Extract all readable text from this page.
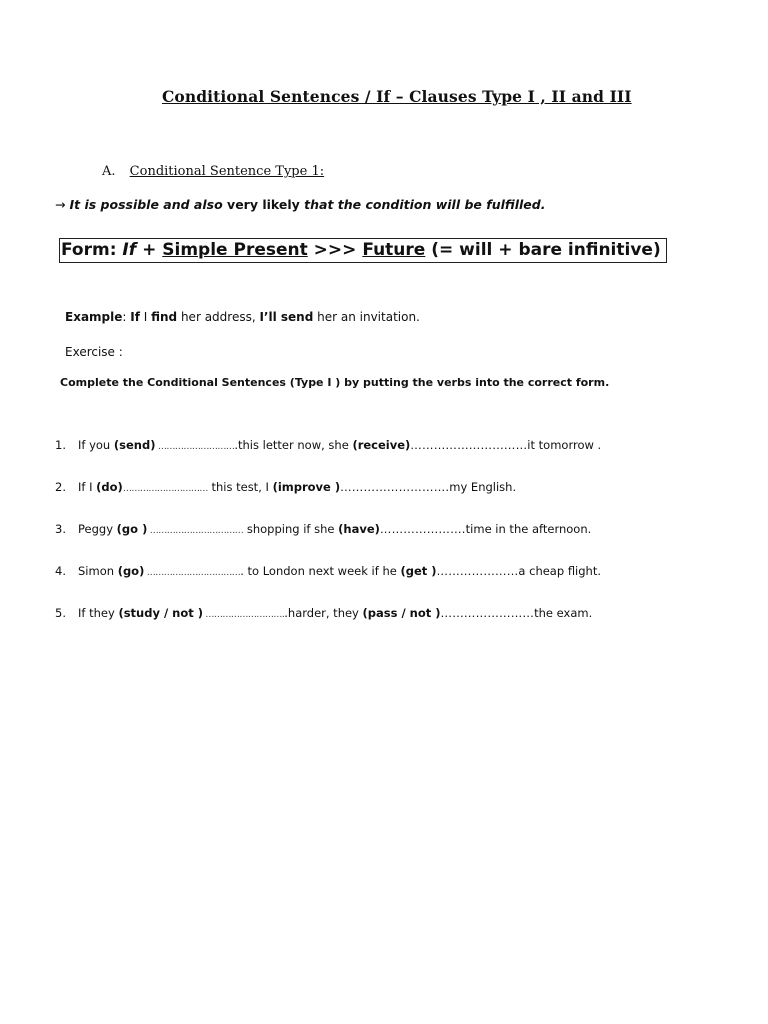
Conditional Sentences / If – Clauses Type I , II and III
A. Conditional Sentence Type 1:
→ It is possible and also very likely that the condition will be fulfilled.
Form: If + Simple Present >>> Future (= will + bare infinitive)
Example: If I find her address, I’ll send her an invitation.
Exercise :
Complete the Conditional Sentences (Type I ) by putting the verbs into the correct form.
1. If you (send) ……………………….this letter now, she (receive)…………………………it tomorrow .
2. If I (do)………………………… this test, I (improve )……………………….my English.
3. Peggy (go ) …………………………… shopping if she (have)………………….time in the afternoon.
4. Simon (go) ……………………………. to London next week if he (get )…………………a cheap flight.
5. If they (study / not ) ………………………..harder, they (pass / not )……………………the exam.
